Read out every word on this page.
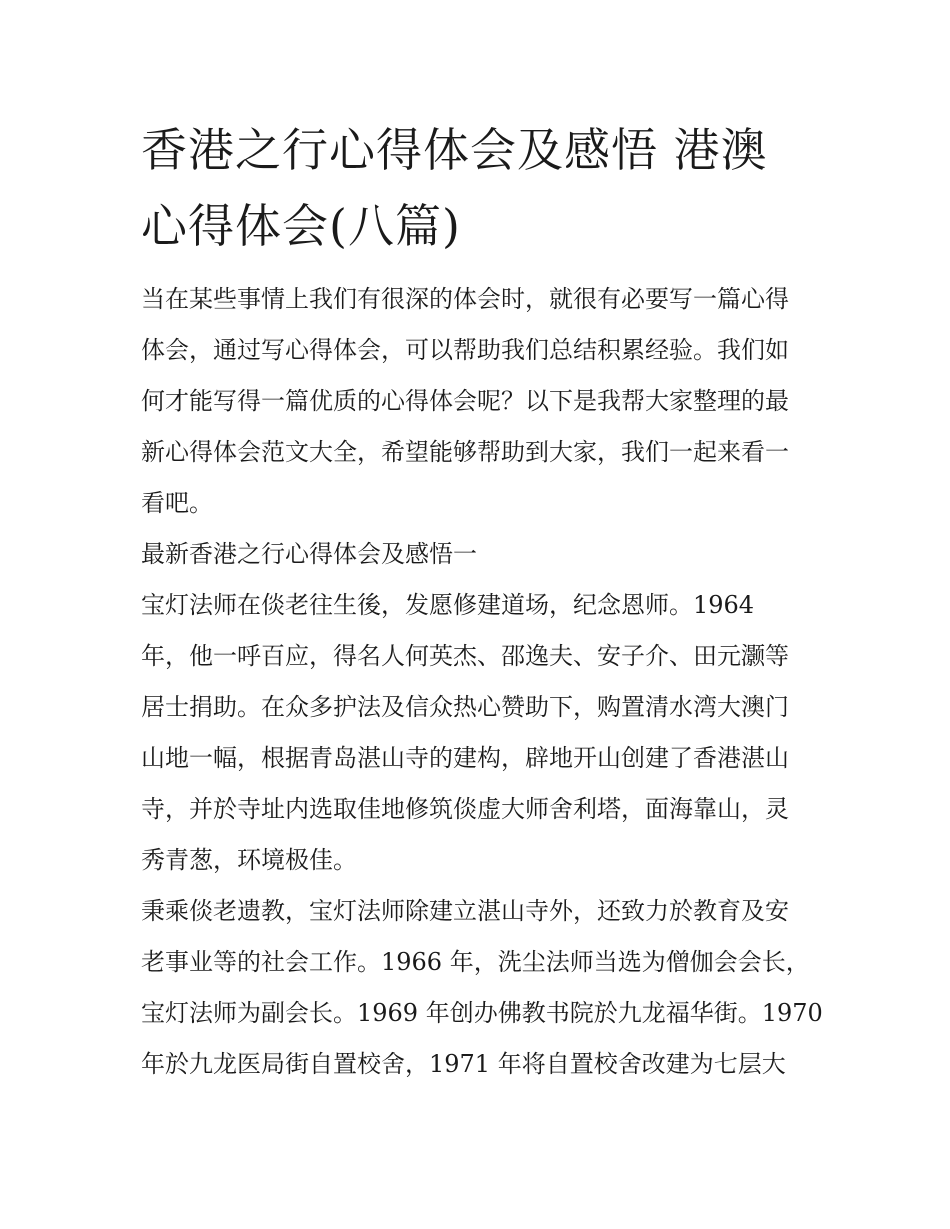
香港之行心得体会及感悟 港澳
心得体会(八篇)

当在某些事情上我们有很深的体会时，就很有必要写一篇心得
体会，通过写心得体会，可以帮助我们总结积累经验。我们如
何才能写得一篇优质的心得体会呢？以下是我帮大家整理的最
新心得体会范文大全，希望能够帮助到大家，我们一起来看一
看吧。

最新香港之行心得体会及感悟一

宝灯法师在倓老往生後，发愿修建道场，纪念恩师。1964
年，他一呼百应，得名人何英杰、邵逸夫、安子介、田元灏等
居士捐助。在众多护法及信众热心赞助下，购置清水湾大澳门
山地一幅，根据青岛湛山寺的建构，辟地开山创建了香港湛山
寺，并於寺址内选取佳地修筑倓虚大师舍利塔，面海靠山，灵
秀青葱，环境极佳。

秉乘倓老遗教，宝灯法师除建立湛山寺外，还致力於教育及安
老事业等的社会工作。1966 年，洗尘法师当选为僧伽会会长，
宝灯法师为副会长。1969 年创办佛教书院於九龙福华街。1970
年於九龙医局街自置校舍，1971 年将自置校舍改建为七层大
